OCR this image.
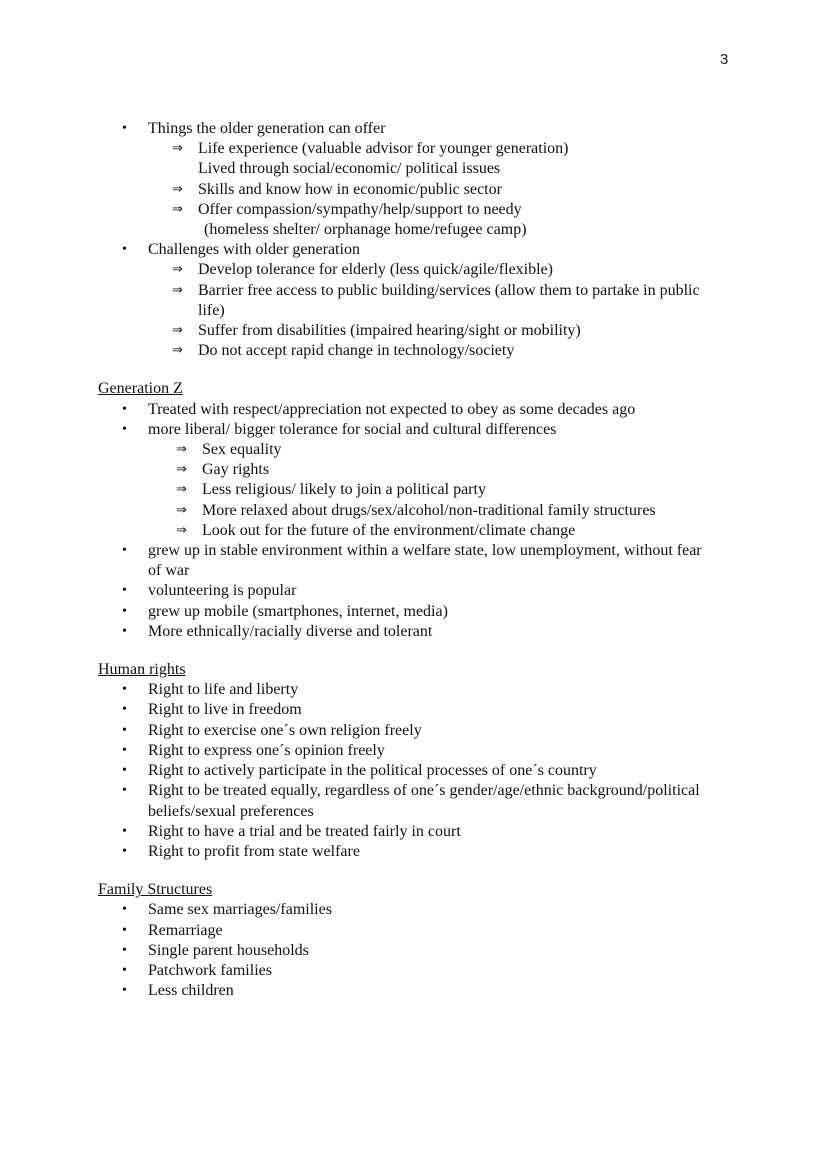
3
• Things the older generation can offer
⇒ Life experience (valuable advisor for younger generation)
Lived through social/economic/ political issues
⇒ Skills and know how in economic/public sector
⇒ Offer compassion/sympathy/help/support to needy
(homeless shelter/ orphanage home/refugee camp)
• Challenges with older generation
⇒ Develop tolerance for elderly (less quick/agile/flexible)
⇒ Barrier free access to public building/services (allow them to partake in public
life)
⇒ Suffer from disabilities (impaired hearing/sight or mobility)
⇒ Do not accept rapid change in technology/society
Generation Z
• Treated with respect/appreciation not expected to obey as some decades ago
• more liberal/ bigger tolerance for social and cultural differences
⇒ Sex equality
⇒ Gay rights
⇒ Less religious/ likely to join a political party
⇒ More relaxed about drugs/sex/alcohol/non-traditional family structures
⇒ Look out for the future of the environment/climate change
• grew up in stable environment within a welfare state, low unemployment, without fear
of war
• volunteering is popular
• grew up mobile (smartphones, internet, media)
• More ethnically/racially diverse and tolerant
Human rights
• Right to life and liberty
• Right to live in freedom
• Right to exercise one´s own religion freely
• Right to express one´s opinion freely
• Right to actively participate in the political processes of one´s country
• Right to be treated equally, regardless of one´s gender/age/ethnic background/political
beliefs/sexual preferences
• Right to have a trial and be treated fairly in court
• Right to profit from state welfare
Family Structures
• Same sex marriages/families
• Remarriage
• Single parent households
• Patchwork families
• Less children
